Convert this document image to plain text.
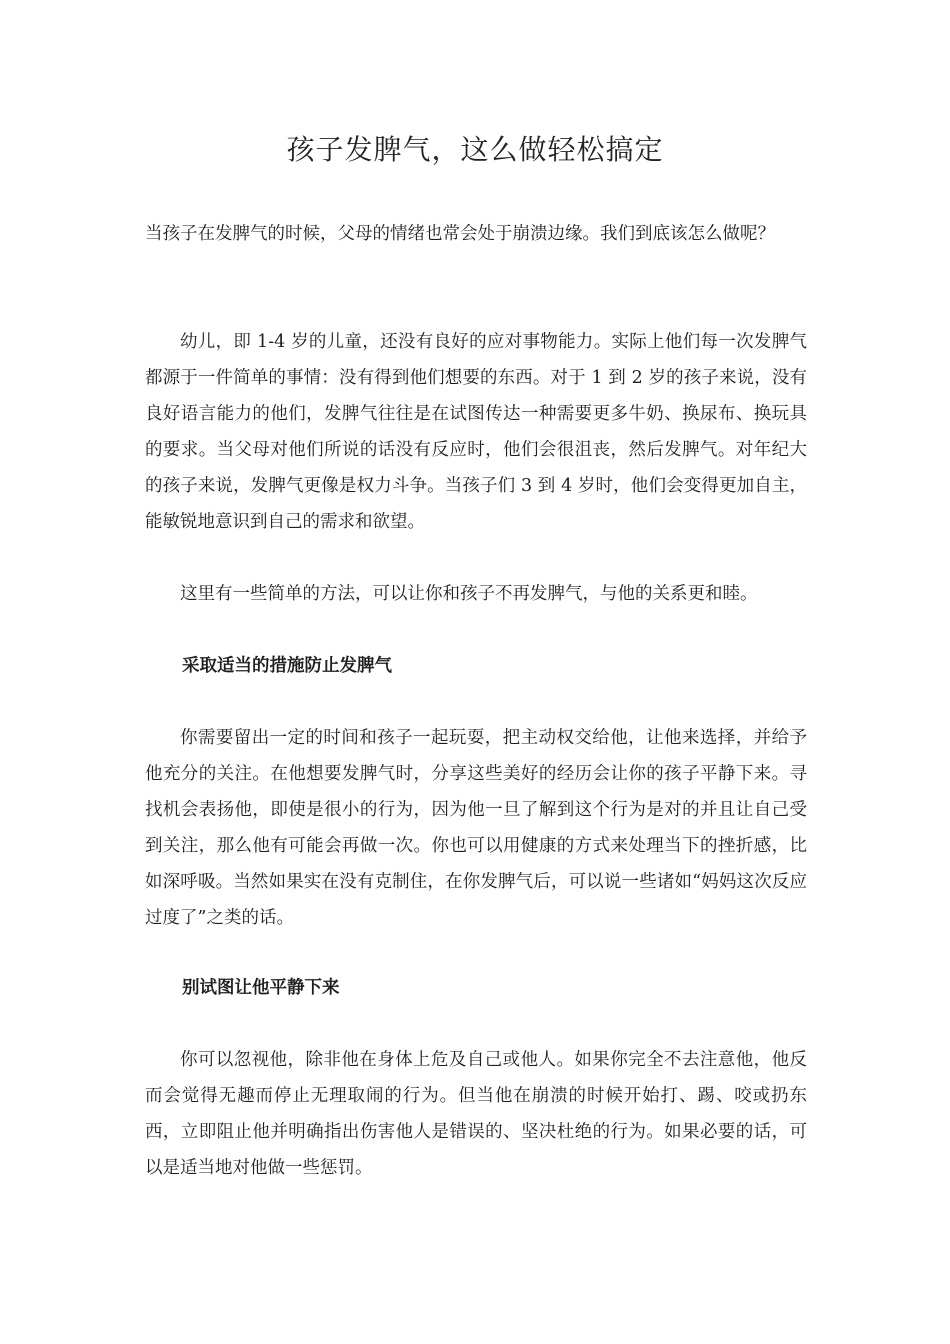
孩子发脾气，这么做轻松搞定
当孩子在发脾气的时候，父母的情绪也常会处于崩溃边缘。我们到底该怎么做呢？
幼儿，即 1-4 岁的儿童，还没有良好的应对事物能力。实际上他们每一次发脾气都源于一件简单的事情：没有得到他们想要的东西。对于 1 到 2 岁的孩子来说，没有良好语言能力的他们，发脾气往往是在试图传达一种需要更多牛奶、换尿布、换玩具的要求。当父母对他们所说的话没有反应时，他们会很沮丧，然后发脾气。对年纪大的孩子来说，发脾气更像是权力斗争。当孩子们 3 到 4 岁时，他们会变得更加自主，能敏锐地意识到自己的需求和欲望。
这里有一些简单的方法，可以让你和孩子不再发脾气，与他的关系更和睦。
采取适当的措施防止发脾气
你需要留出一定的时间和孩子一起玩耍，把主动权交给他，让他来选择，并给予他充分的关注。在他想要发脾气时，分享这些美好的经历会让你的孩子平静下来。寻找机会表扬他，即使是很小的行为，因为他一旦了解到这个行为是对的并且让自己受到关注，那么他有可能会再做一次。你也可以用健康的方式来处理当下的挫折感，比如深呼吸。当然如果实在没有克制住，在你发脾气后，可以说一些诸如“妈妈这次反应过度了”之类的话。
别试图让他平静下来
你可以忽视他，除非他在身体上危及自己或他人。如果你完全不去注意他，他反而会觉得无趣而停止无理取闹的行为。但当他在崩溃的时候开始打、踢、咬或扔东西，立即阻止他并明确指出伤害他人是错误的、坚决杜绝的行为。如果必要的话，可以是适当地对他做一些惩罚。
